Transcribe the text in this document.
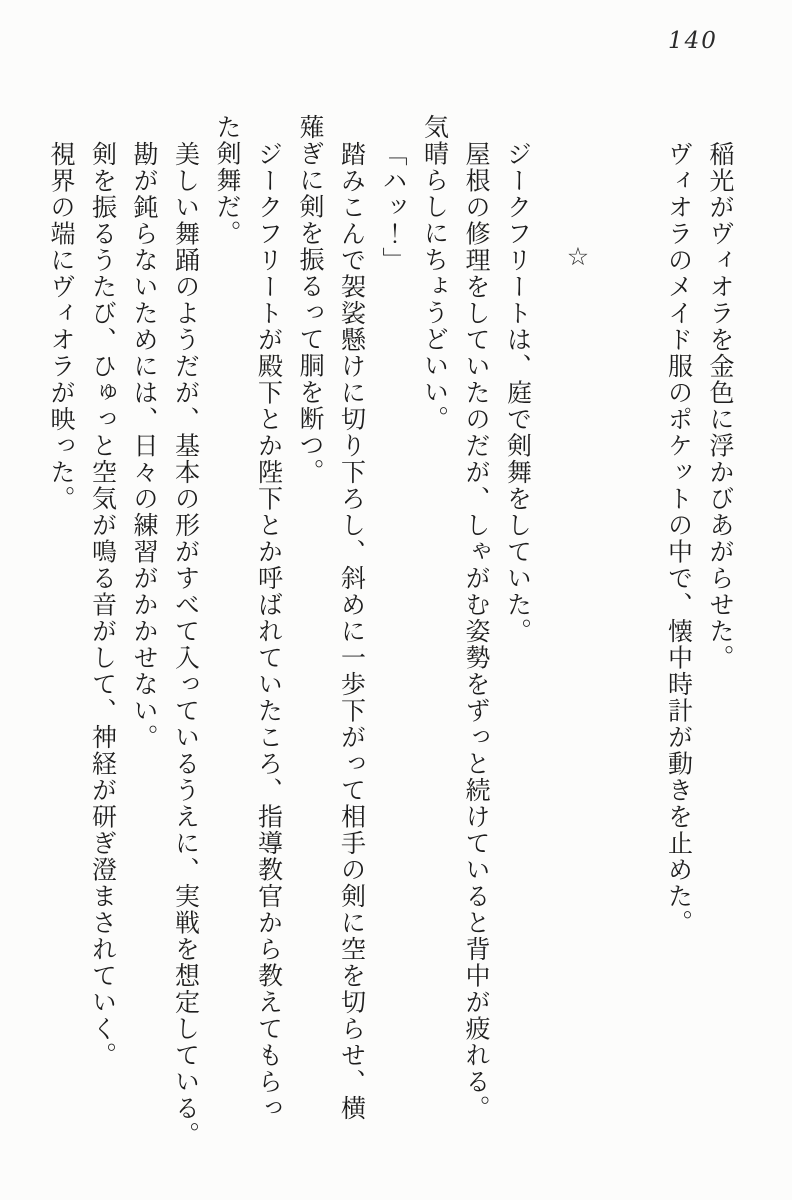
140

稲光がヴィオラを金色に浮かびあがらせた。

ヴィオラのメイド服のポケットの中で、懐中時計が動きを止めた。

☆

ジークフリートは、庭で剣舞をしていた。

屋根の修理をしていたのだが、しゃがむ姿勢をずっと続けていると背中が疲れる。

気晴らしにちょうどいい。

「ハッ！」

踏みこんで袈裟懸けに切り下ろし、斜めに一歩下がって相手の剣に空を切らせ、横

薙ぎに剣を振るって胴を断つ。

ジークフリートが殿下とか陛下とか呼ばれていたころ、指導教官から教えてもらっ

た剣舞だ。

美しい舞踊のようだが、基本の形がすべて入っているうえに、実戦を想定している。

勘が鈍らないためには、日々の練習がかかせない。

剣を振るうたび、ひゅっと空気が鳴る音がして、神経が研ぎ澄まされていく。

視界の端にヴィオラが映った。
